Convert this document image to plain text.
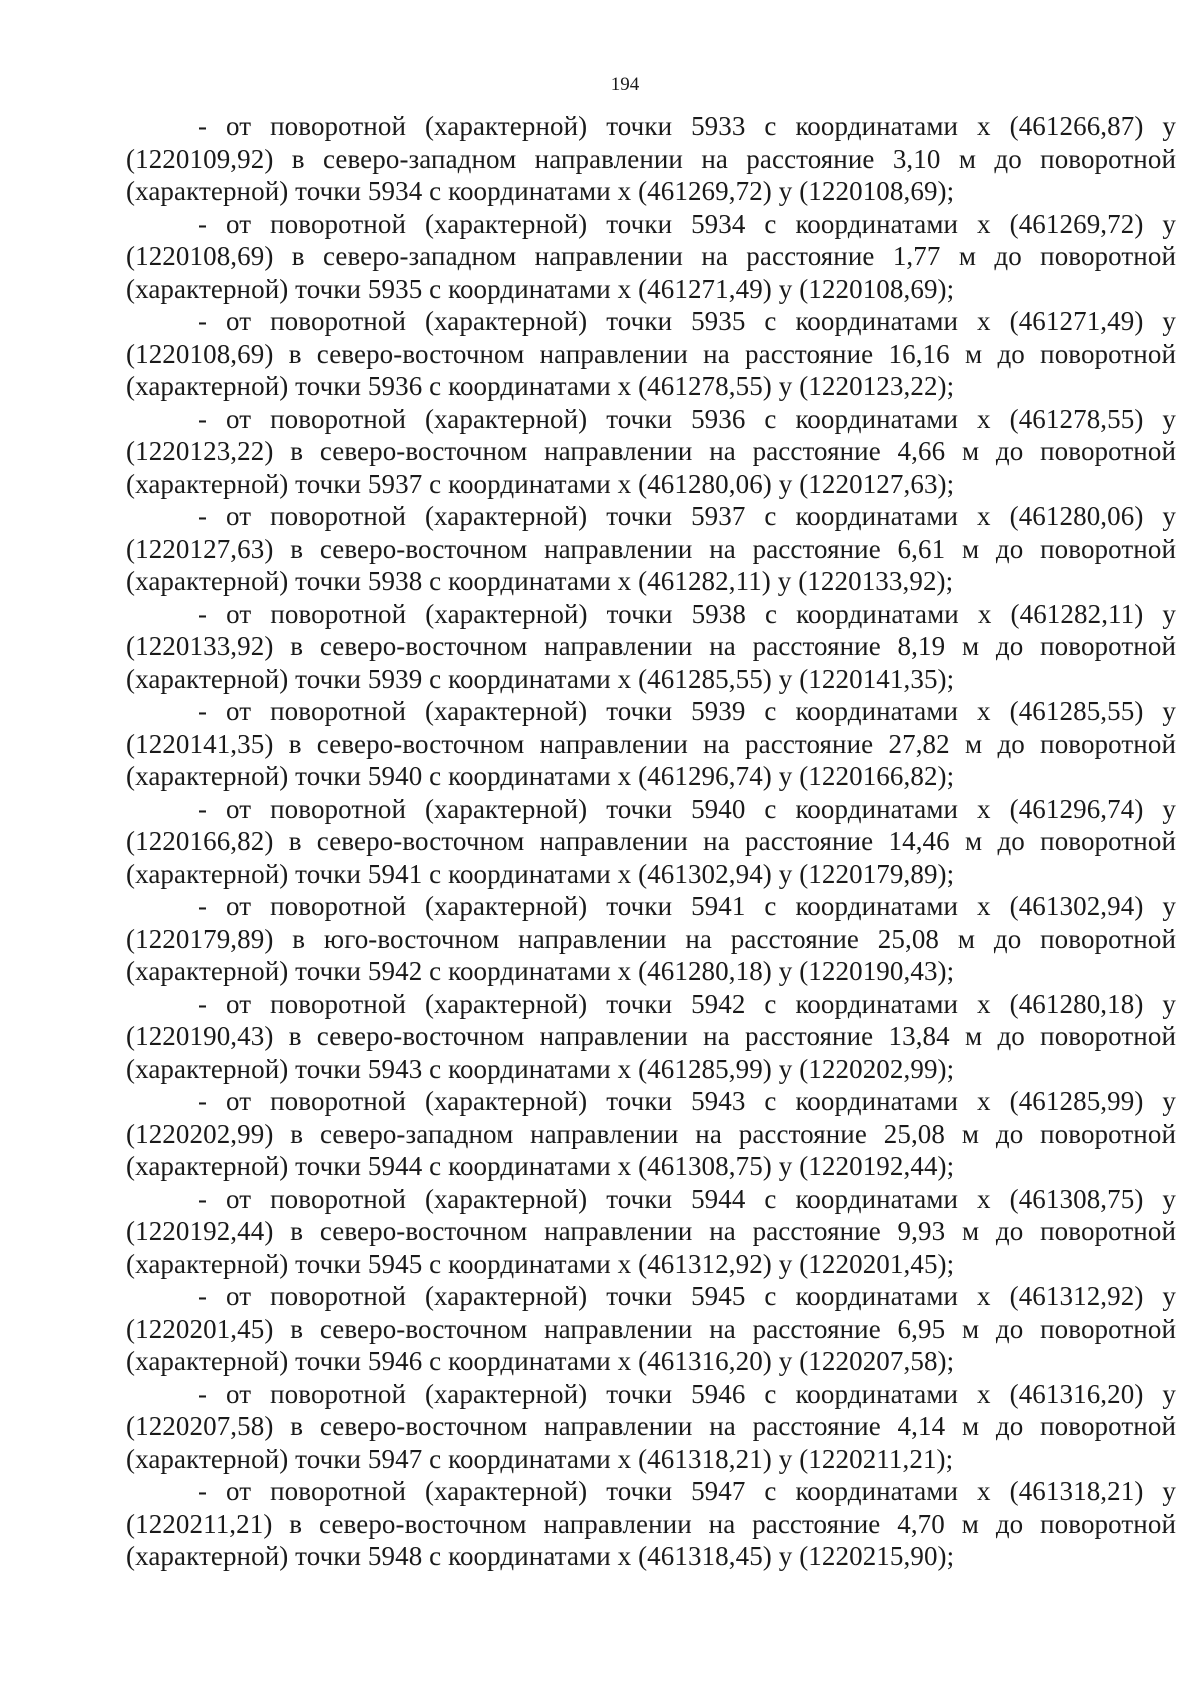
194

- от поворотной (характерной) точки 5933 с координатами x (461266,87) y (1220109,92) в северо-западном направлении на расстояние 3,10 м до поворотной (характерной) точки 5934 с координатами x (461269,72) y (1220108,69);

- от поворотной (характерной) точки 5934 с координатами x (461269,72) y (1220108,69) в северо-западном направлении на расстояние 1,77 м до поворотной (характерной) точки 5935 с координатами x (461271,49) y (1220108,69);

- от поворотной (характерной) точки 5935 с координатами x (461271,49) y (1220108,69) в северо-восточном направлении на расстояние 16,16 м до поворотной (характерной) точки 5936 с координатами x (461278,55) y (1220123,22);

- от поворотной (характерной) точки 5936 с координатами x (461278,55) y (1220123,22) в северо-восточном направлении на расстояние 4,66 м до поворотной (характерной) точки 5937 с координатами x (461280,06) y (1220127,63);

- от поворотной (характерной) точки 5937 с координатами x (461280,06) y (1220127,63) в северо-восточном направлении на расстояние 6,61 м до поворотной (характерной) точки 5938 с координатами x (461282,11) y (1220133,92);

- от поворотной (характерной) точки 5938 с координатами x (461282,11) y (1220133,92) в северо-восточном направлении на расстояние 8,19 м до поворотной (характерной) точки 5939 с координатами x (461285,55) y (1220141,35);

- от поворотной (характерной) точки 5939 с координатами x (461285,55) y (1220141,35) в северо-восточном направлении на расстояние 27,82 м до поворотной (характерной) точки 5940 с координатами x (461296,74) y (1220166,82);

- от поворотной (характерной) точки 5940 с координатами x (461296,74) y (1220166,82) в северо-восточном направлении на расстояние 14,46 м до поворотной (характерной) точки 5941 с координатами x (461302,94) y (1220179,89);

- от поворотной (характерной) точки 5941 с координатами x (461302,94) y (1220179,89) в юго-восточном направлении на расстояние 25,08 м до поворотной (характерной) точки 5942 с координатами x (461280,18) y (1220190,43);

- от поворотной (характерной) точки 5942 с координатами x (461280,18) y (1220190,43) в северо-восточном направлении на расстояние 13,84 м до поворотной (характерной) точки 5943 с координатами x (461285,99) y (1220202,99);

- от поворотной (характерной) точки 5943 с координатами x (461285,99) y (1220202,99) в северо-западном направлении на расстояние 25,08 м до поворотной (характерной) точки 5944 с координатами x (461308,75) y (1220192,44);

- от поворотной (характерной) точки 5944 с координатами x (461308,75) y (1220192,44) в северо-восточном направлении на расстояние 9,93 м до поворотной (характерной) точки 5945 с координатами x (461312,92) y (1220201,45);

- от поворотной (характерной) точки 5945 с координатами x (461312,92) y (1220201,45) в северо-восточном направлении на расстояние 6,95 м до поворотной (характерной) точки 5946 с координатами x (461316,20) y (1220207,58);

- от поворотной (характерной) точки 5946 с координатами x (461316,20) y (1220207,58) в северо-восточном направлении на расстояние 4,14 м до поворотной (характерной) точки 5947 с координатами x (461318,21) y (1220211,21);

- от поворотной (характерной) точки 5947 с координатами x (461318,21) y (1220211,21) в северо-восточном направлении на расстояние 4,70 м до поворотной (характерной) точки 5948 с координатами x (461318,45) y (1220215,90);
